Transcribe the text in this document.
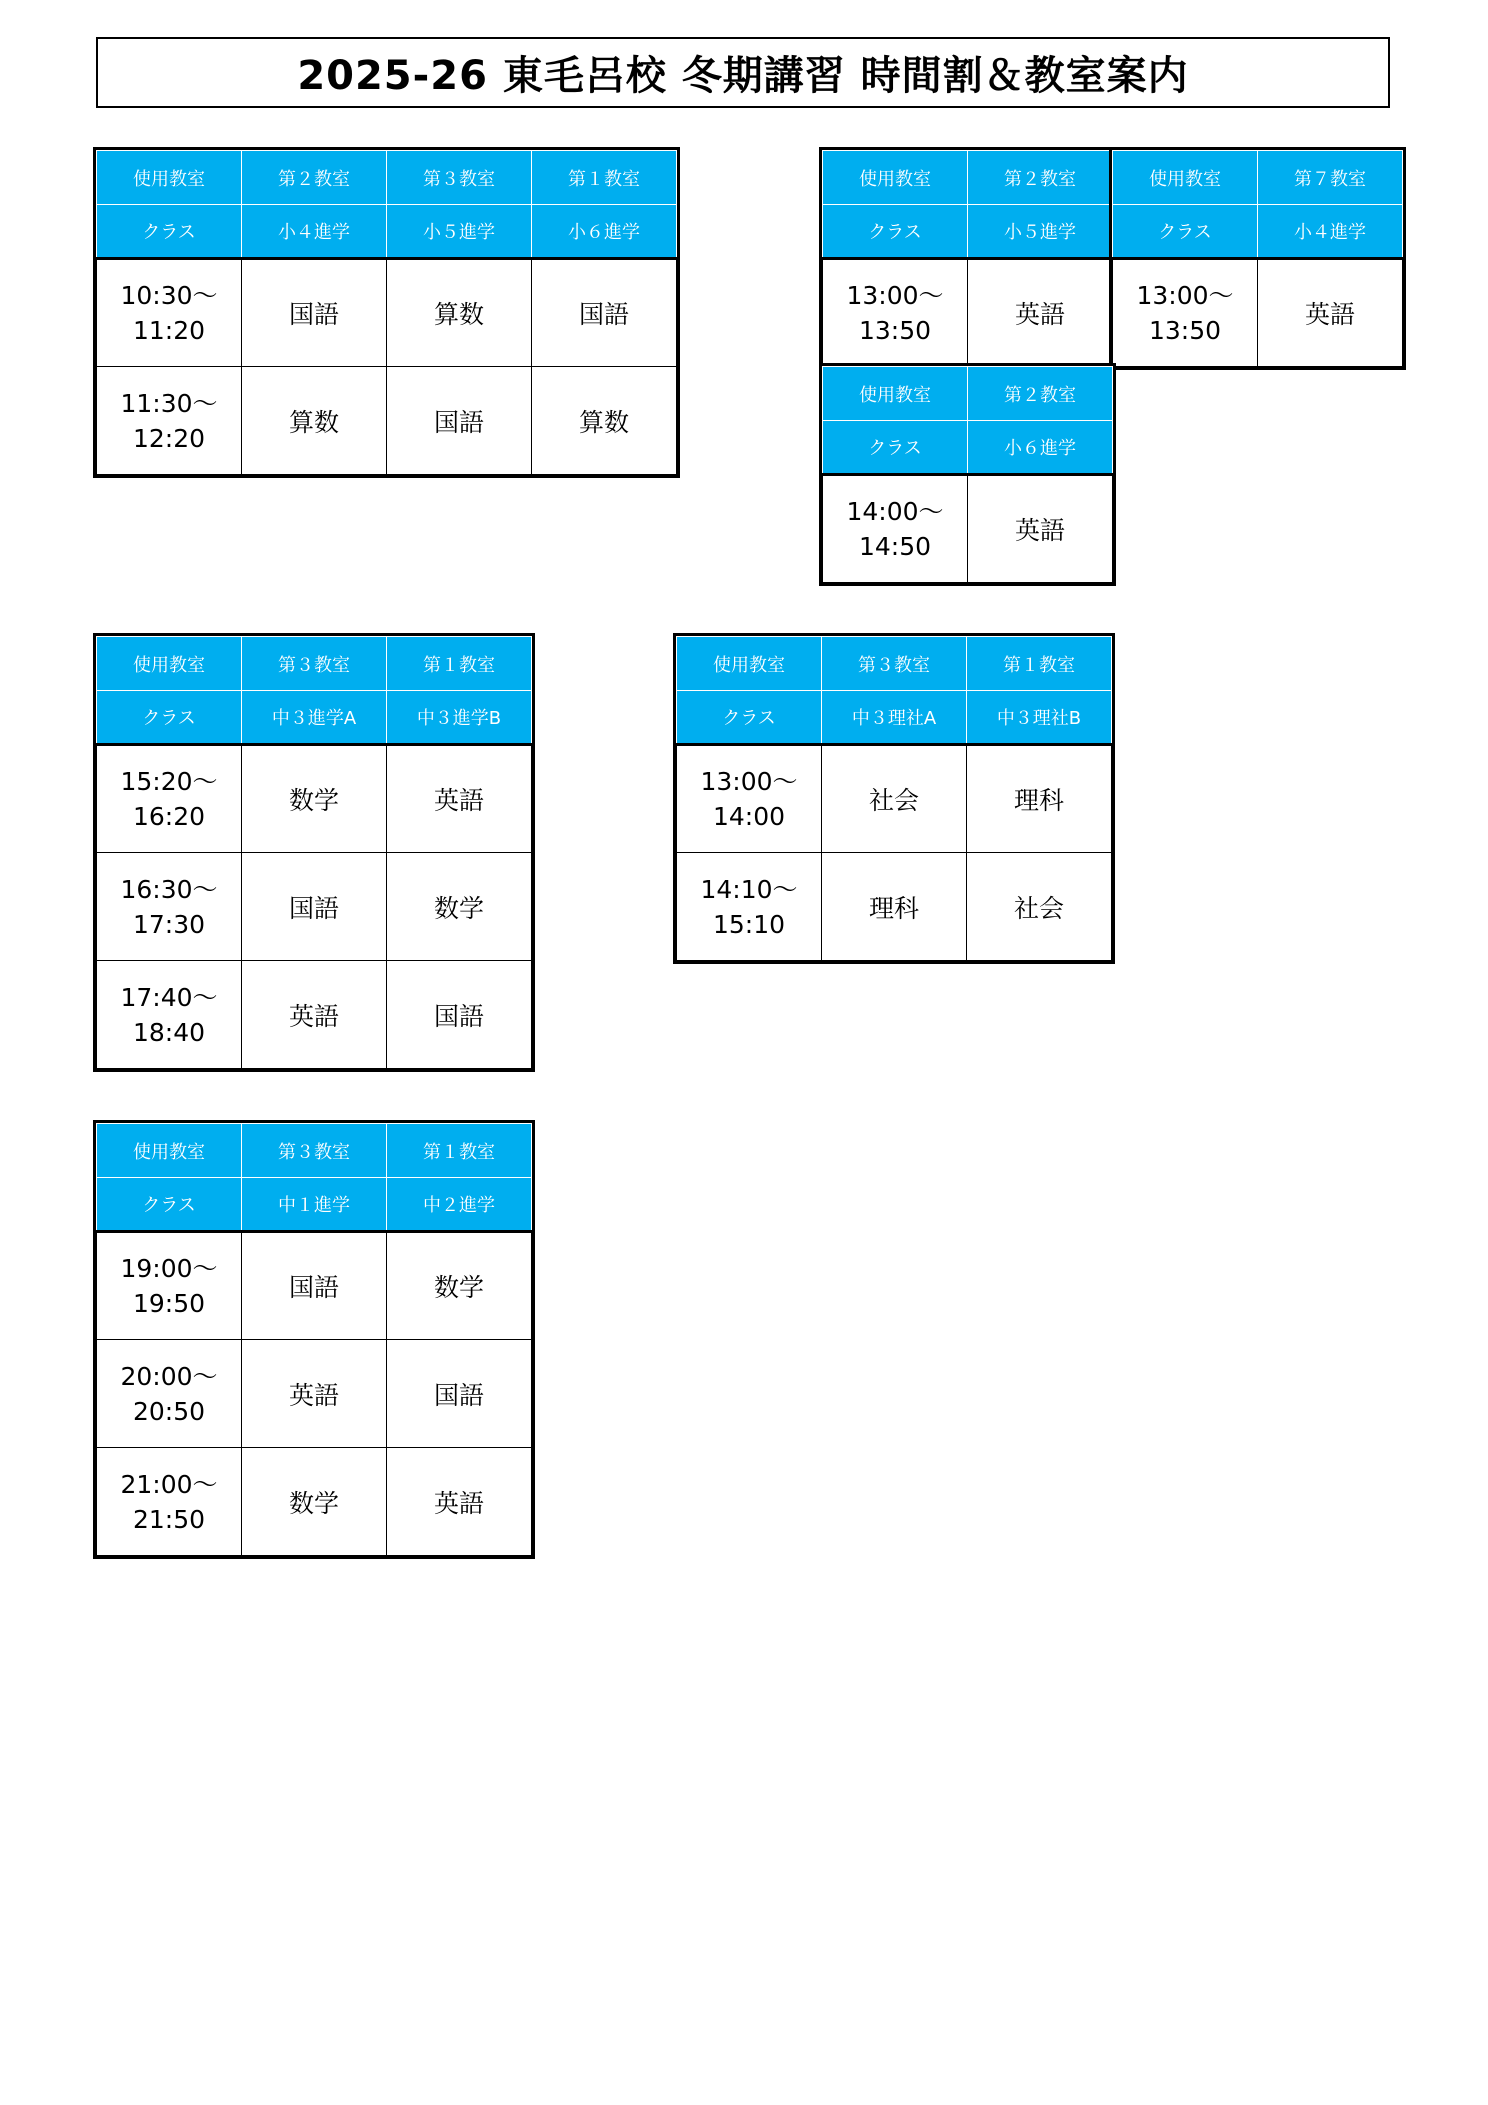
2025-26 東毛呂校 冬期講習 時間割＆教室案内
使用教室	第２教室	第３教室	第１教室
クラス	小４進学	小５進学	小６進学

10:30～
11:20	国語	算数	国語

11:30～
12:20	算数	国語	算数
使用教室	第２教室
クラス	小５進学

13:00～
13:50	英語
使用教室	第７教室
クラス	小４進学

13:00～
13:50	英語
使用教室	第２教室
クラス	小６進学

14:00～
14:50	英語
使用教室	第３教室	第１教室
クラス	中３進学A	中３進学B

15:20～
16:20	数学	英語

16:30～
17:30	国語	数学

17:40～
18:40	英語	国語
使用教室	第３教室	第１教室
クラス	中３理社A	中３理社B

13:00～
14:00	社会	理科

14:10～
15:10	理科	社会
使用教室	第３教室	第１教室
クラス	中１進学	中２進学

19:00～
19:50	国語	数学

20:00～
20:50	英語	国語

21:00～
21:50	数学	英語
